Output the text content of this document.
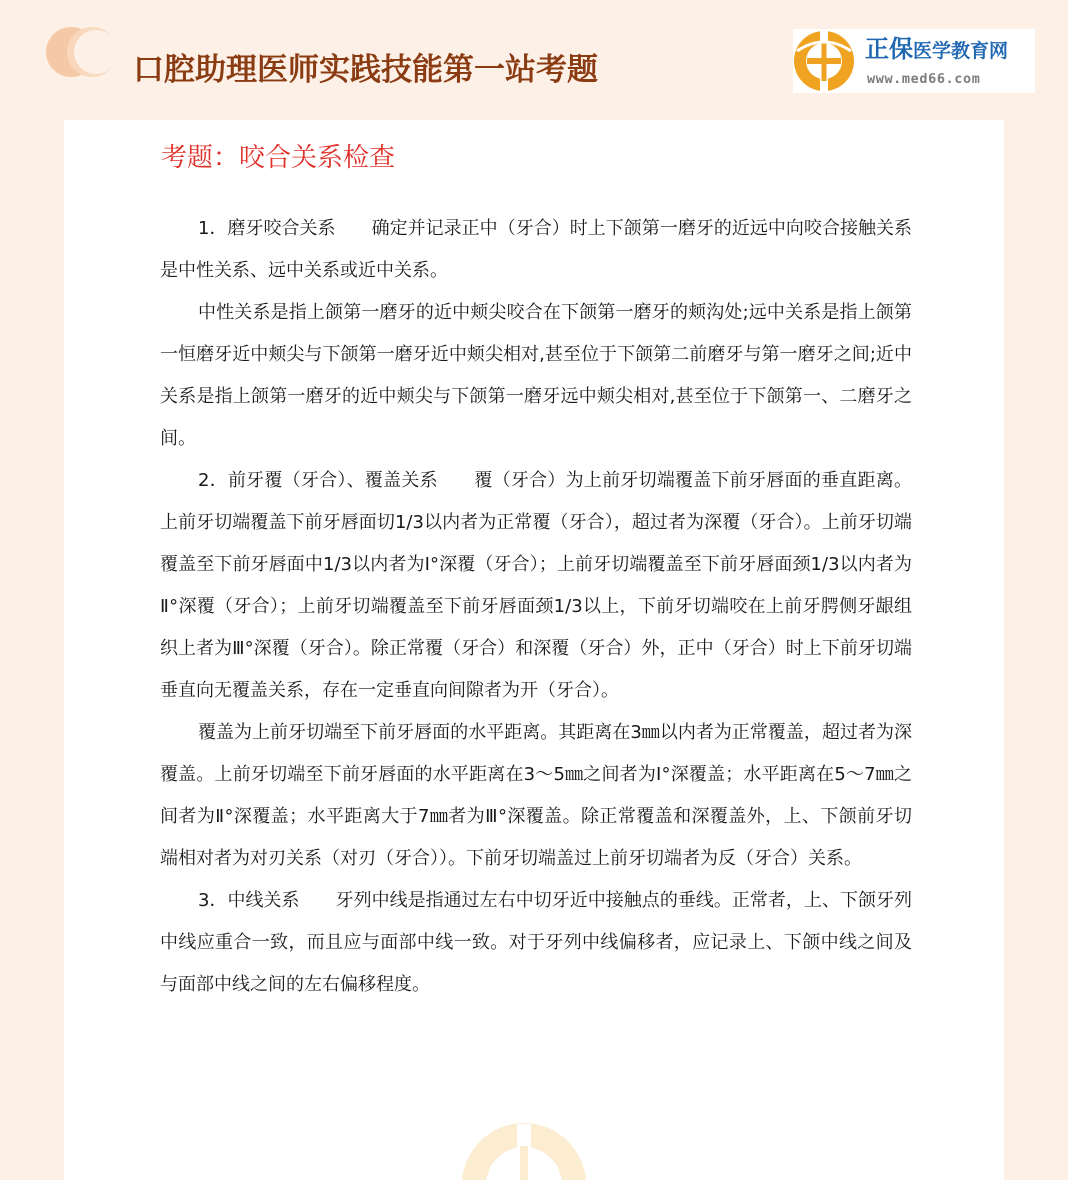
口腔助理医师实践技能第一站考题
正保医学教育网
www.med66.com
考题：咬合关系检查

1．磨牙咬合关系　　确定并记录正中（牙合）时上下颌第一磨牙的近远中向咬合接触关系是中性关系、远中关系或近中关系。

中性关系是指上颌第一磨牙的近中颊尖咬合在下颌第一磨牙的颊沟处;远中关系是指上颌第一恒磨牙近中颊尖与下颌第一磨牙近中颊尖相对,甚至位于下颌第二前磨牙与第一磨牙之间;近中关系是指上颌第一磨牙的近中颊尖与下颌第一磨牙远中颊尖相对,甚至位于下颌第一、二磨牙之间。

2．前牙覆（牙合）、覆盖关系　　覆（牙合）为上前牙切端覆盖下前牙唇面的垂直距离。上前牙切端覆盖下前牙唇面切1/3以内者为正常覆（牙合），超过者为深覆（牙合）。上前牙切端覆盖至下前牙唇面中1/3以内者为Ⅰ°深覆（牙合）；上前牙切端覆盖至下前牙唇面颈1/3以内者为Ⅱ°深覆（牙合）；上前牙切端覆盖至下前牙唇面颈1/3以上，下前牙切端咬在上前牙腭侧牙龈组织上者为Ⅲ°深覆（牙合）。除正常覆（牙合）和深覆（牙合）外，正中（牙合）时上下前牙切端垂直向无覆盖关系，存在一定垂直向间隙者为开（牙合）。

覆盖为上前牙切端至下前牙唇面的水平距离。其距离在3㎜以内者为正常覆盖，超过者为深覆盖。上前牙切端至下前牙唇面的水平距离在3～5㎜之间者为Ⅰ°深覆盖；水平距离在5～7㎜之间者为Ⅱ°深覆盖；水平距离大于7㎜者为Ⅲ°深覆盖。除正常覆盖和深覆盖外，上、下颌前牙切端相对者为对刃关系（对刃（牙合））。下前牙切端盖过上前牙切端者为反（牙合）关系。

3．中线关系　　牙列中线是指通过左右中切牙近中接触点的垂线。正常者，上、下颌牙列中线应重合一致，而且应与面部中线一致。对于牙列中线偏移者，应记录上、下颌中线之间及与面部中线之间的左右偏移程度。
